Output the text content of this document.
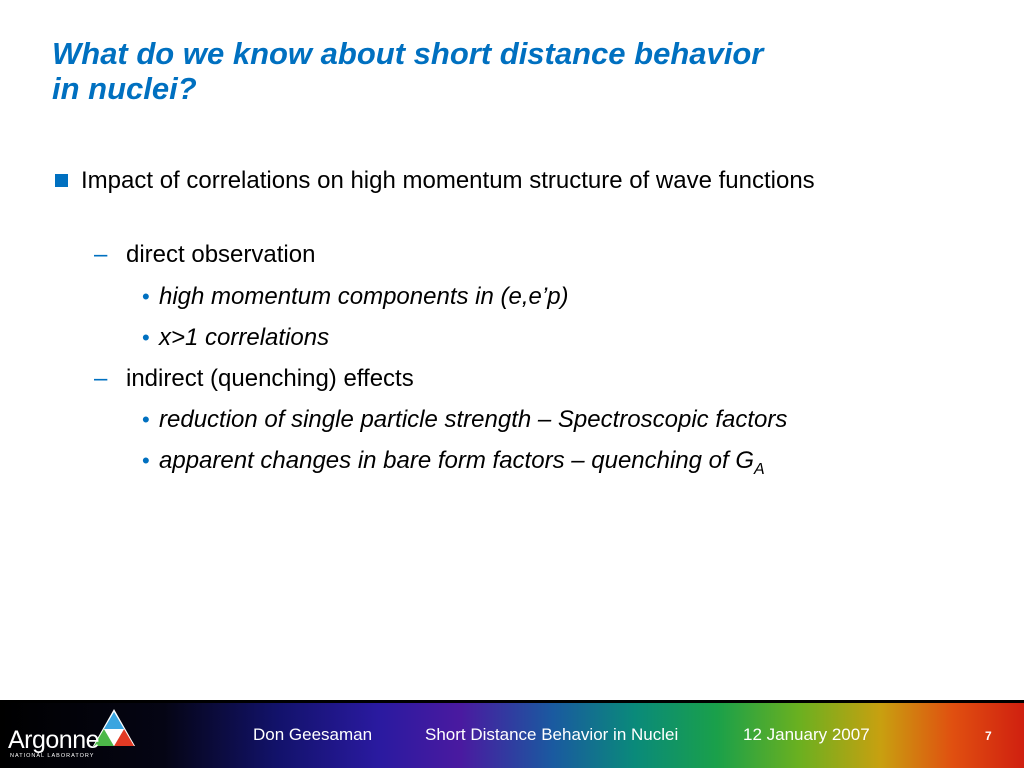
What do we know about short distance behavior
in nuclei?
Impact of correlations on high momentum structure of wave functions
– direct observation
• high momentum components in (e,e’p)
• x>1 correlations
– indirect (quenching) effects
• reduction of single particle strength – Spectroscopic factors
• apparent changes in bare form factors – quenching of $G_A$
Argonne
NATIONAL LABORATORY
Don Geesaman	Short Distance Behavior in Nuclei	12 January 2007	7
